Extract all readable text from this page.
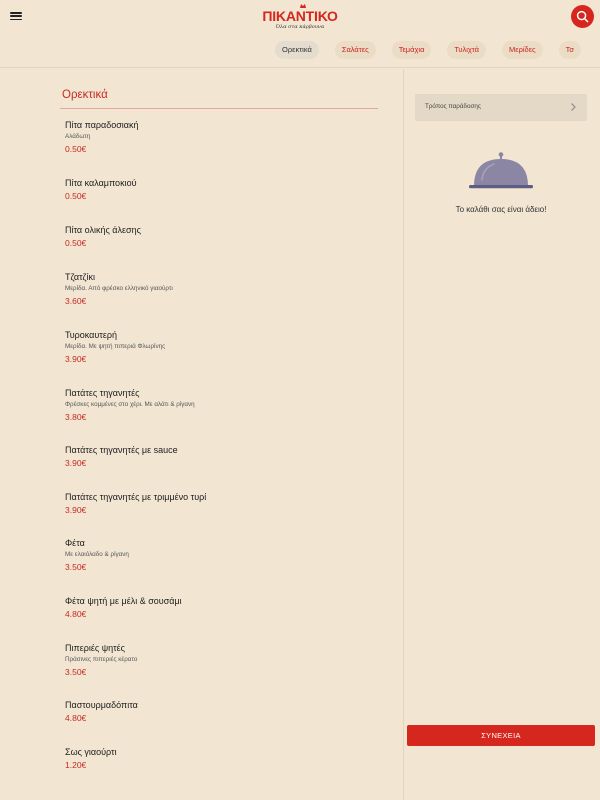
ΠΙΚΑΝΤΙΚΟ
Όλα στα κάρβουνα
Ορεκτικά	Σαλάτες	Τεμάχια	Τυλιχτά	Μερίδες	Τσ
Ορεκτικά
Πίτα παραδοσιακή
Αλάδωτη
0.50€
Πίτα καλαμποκιού
0.50€
Πίτα ολικής άλεσης
0.50€
Τζατζίκι
Μερίδα. Από φρέσκο ελληνικό γιαούρτι
3.60€
Τυροκαυτερή
Μερίδα. Με ψητή πιπεριά Φλωρίνης
3.90€
Πατάτες τηγανητές
Φρέσκες κομμένες στο χέρι. Με αλάτι & ρίγανη
3.80€
Πατάτες τηγανητές με sauce
3.90€
Πατάτες τηγανητές με τριμμένο τυρί
3.90€
Φέτα
Με ελαιόλαδο & ρίγανη
3.50€
Φέτα ψητή με μέλι & σουσάμι
4.80€
Πιπεριές ψητές
Πράσινες πιπεριές κέρατο
3.50€
Παστουρμαδόπιτα
4.80€
Σως γιαούρτι
1.20€
Τρόπος παράδοσης
Το καλάθι σας είναι άδειο!
ΣΥΝΕΧΕΙΑ
